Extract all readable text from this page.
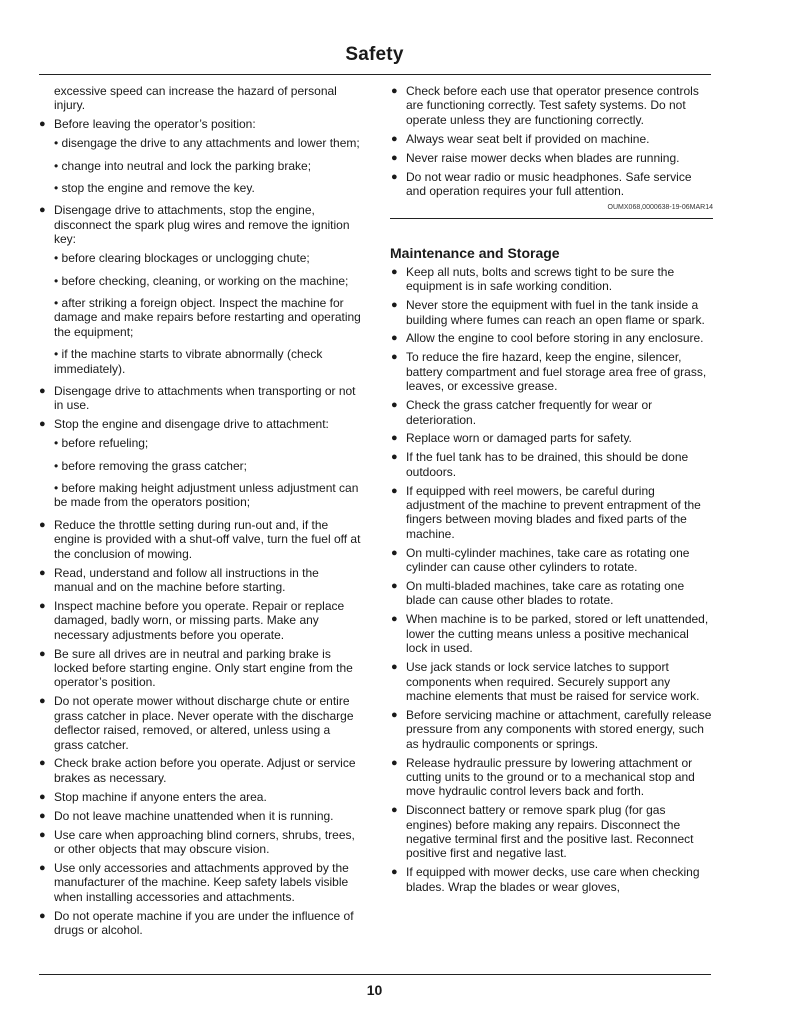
Safety
excessive speed can increase the hazard of personal injury.
● Before leaving the operator’s position:
• disengage the drive to any attachments and lower them;
• change into neutral and lock the parking brake;
• stop the engine and remove the key.
● Disengage drive to attachments, stop the engine, disconnect the spark plug wires and remove the ignition key:
• before clearing blockages or unclogging chute;
• before checking, cleaning, or working on the machine;
• after striking a foreign object. Inspect the machine for damage and make repairs before restarting and operating the equipment;
• if the machine starts to vibrate abnormally (check immediately).
● Disengage drive to attachments when transporting or not in use.
● Stop the engine and disengage drive to attachment:
• before refueling;
• before removing the grass catcher;
• before making height adjustment unless adjustment can be made from the operators position;
● Reduce the throttle setting during run-out and, if the engine is provided with a shut-off valve, turn the fuel off at the conclusion of mowing.
● Read, understand and follow all instructions in the manual and on the machine before starting.
● Inspect machine before you operate. Repair or replace damaged, badly worn, or missing parts. Make any necessary adjustments before you operate.
● Be sure all drives are in neutral and parking brake is locked before starting engine. Only start engine from the operator’s position.
● Do not operate mower without discharge chute or entire grass catcher in place. Never operate with the discharge deflector raised, removed, or altered, unless using a grass catcher.
● Check brake action before you operate. Adjust or service brakes as necessary.
● Stop machine if anyone enters the area.
● Do not leave machine unattended when it is running.
● Use care when approaching blind corners, shrubs, trees, or other objects that may obscure vision.
● Use only accessories and attachments approved by the manufacturer of the machine. Keep safety labels visible when installing accessories and attachments.
● Do not operate machine if you are under the influence of drugs or alcohol.
● Check before each use that operator presence controls are functioning correctly. Test safety systems. Do not operate unless they are functioning correctly.
● Always wear seat belt if provided on machine.
● Never raise mower decks when blades are running.
● Do not wear radio or music headphones. Safe service and operation requires your full attention.
OUMX068,0000638-19-06MAR14
Maintenance and Storage
● Keep all nuts, bolts and screws tight to be sure the equipment is in safe working condition.
● Never store the equipment with fuel in the tank inside a building where fumes can reach an open flame or spark.
● Allow the engine to cool before storing in any enclosure.
● To reduce the fire hazard, keep the engine, silencer, battery compartment and fuel storage area free of grass, leaves, or excessive grease.
● Check the grass catcher frequently for wear or deterioration.
● Replace worn or damaged parts for safety.
● If the fuel tank has to be drained, this should be done outdoors.
● If equipped with reel mowers, be careful during adjustment of the machine to prevent entrapment of the fingers between moving blades and fixed parts of the machine.
● On multi-cylinder machines, take care as rotating one cylinder can cause other cylinders to rotate.
● On multi-bladed machines, take care as rotating one blade can cause other blades to rotate.
● When machine is to be parked, stored or left unattended, lower the cutting means unless a positive mechanical lock in used.
● Use jack stands or lock service latches to support components when required. Securely support any machine elements that must be raised for service work.
● Before servicing machine or attachment, carefully release pressure from any components with stored energy, such as hydraulic components or springs.
● Release hydraulic pressure by lowering attachment or cutting units to the ground or to a mechanical stop and move hydraulic control levers back and forth.
● Disconnect battery or remove spark plug (for gas engines) before making any repairs. Disconnect the negative terminal first and the positive last. Reconnect positive first and negative last.
● If equipped with mower decks, use care when checking blades. Wrap the blades or wear gloves,
10
